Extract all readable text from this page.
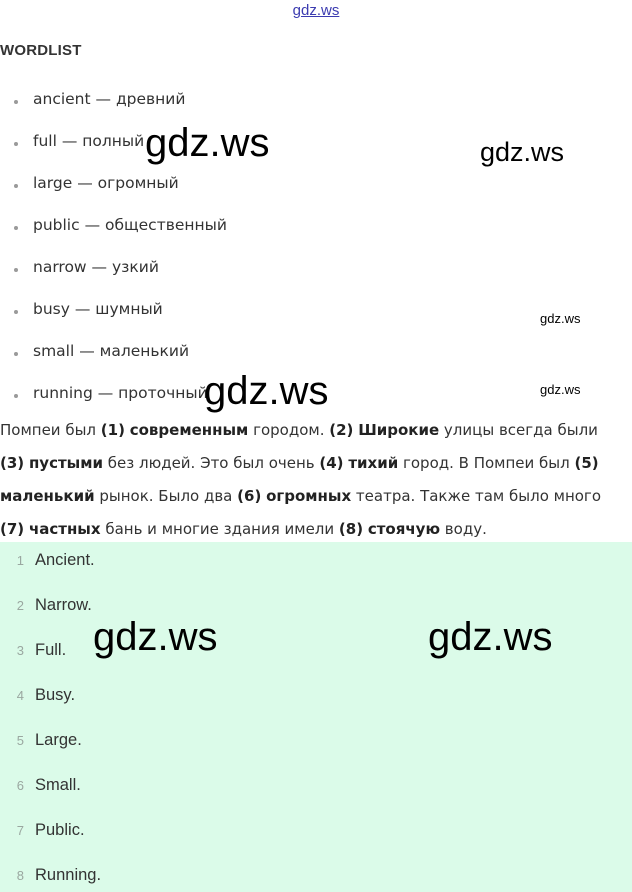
gdz.ws
WORDLIST
ancient — древний
full — полный
large — огромный
public — общественный
narrow — узкий
busy — шумный
small — маленький
running — проточный

Помпеи был (1) современным городом. (2) Широкие улицы всегда были (3) пустыми без людей. Это был очень (4) тихий город. В Помпеи был (5) маленький рынок. Было два (6) огромных театра. Также там было много (7) частных бань и многие здания имели (8) стоячую воду.

1 Ancient.
2 Narrow.
3 Full.
4 Busy.
5 Large.
6 Small.
7 Public.
8 Running.
gdz.ws	gdz.ws
gdz.ws
gdz.ws
gdz.ws
gdz.ws	gdz.ws
